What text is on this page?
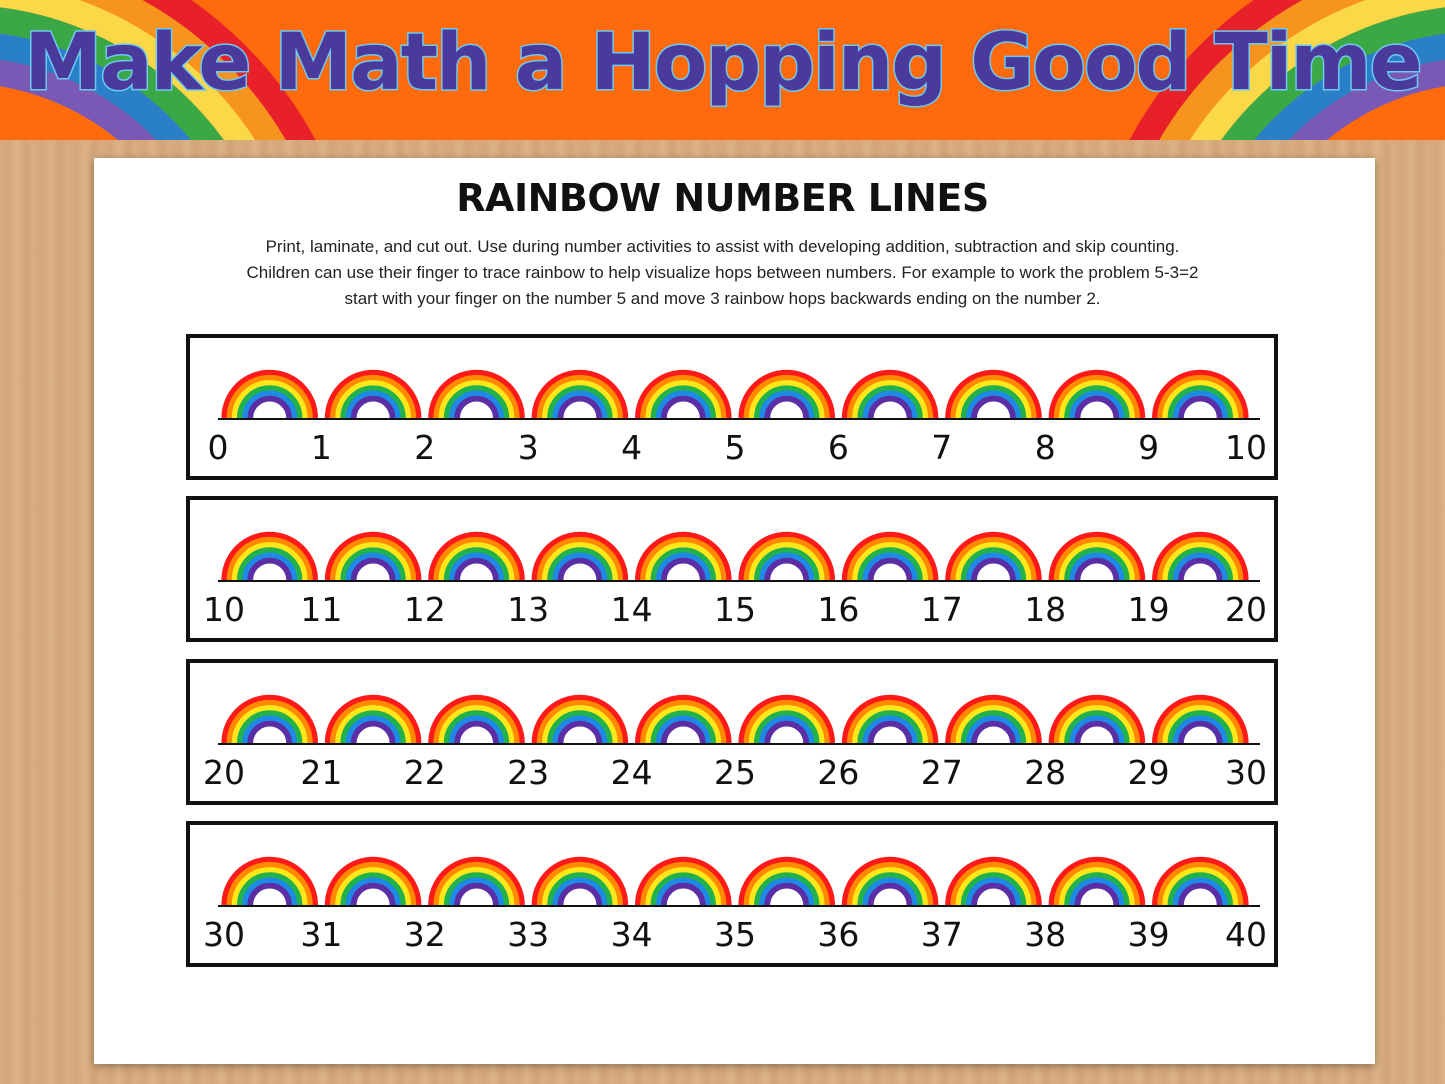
Make Math a Hopping Good Time
RAINBOW NUMBER LINES

Print, laminate, and cut out. Use during number activities to assist with developing addition, subtraction and skip counting.
Children can use their finger to trace rainbow to help visualize hops between numbers. For example to work the problem 5-3=2
start with your finger on the number 5 and move 3 rainbow hops backwards ending on the number 2.

0	1	2	3	4	5	6	7	8	9	10
10	11	12	13	14	15	16	17	18	19	20
20	21	22	23	24	25	26	27	28	29	30
30	31	32	33	34	35	36	37	38	39	40
